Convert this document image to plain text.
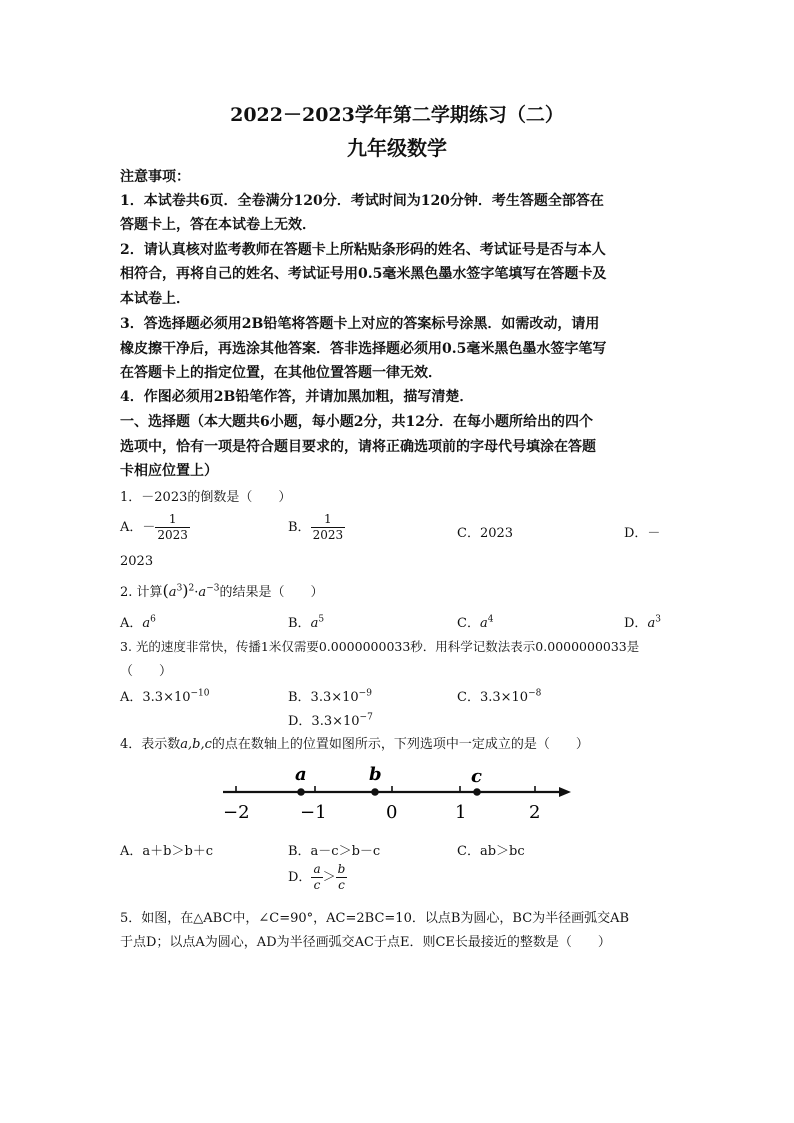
2022－2023学年第二学期练习（二）
九年级数学
注意事项：
1．本试卷共6页．全卷满分120分．考试时间为120分钟．考生答题全部答在
答题卡上，答在本试卷上无效．
2．请认真核对监考教师在答题卡上所粘贴条形码的姓名、考试证号是否与本人
相符合，再将自己的姓名、考试证号用0.5毫米黑色墨水签字笔填写在答题卡及
本试卷上．
3．答选择题必须用2B铅笔将答题卡上对应的答案标号涂黑．如需改动，请用
橡皮擦干净后，再选涂其他答案．答非选择题必须用0.5毫米黑色墨水签字笔写
在答题卡上的指定位置，在其他位置答题一律无效．
4．作图必须用2B铅笔作答，并请加黑加粗，描写清楚．
一、选择题（本大题共6小题，每小题2分，共12分．在每小题所给出的四个
选项中，恰有一项是符合题目要求的，请将正确选项前的字母代号填涂在答题
卡相应位置上）
1．－2023的倒数是（　　）
A．－ $\frac{1}{2023}$	B． $\frac{1}{2023}$	C．2023	D．－
2023
2. 计算$(a^3)^2\cdot a^{-3}$的结果是（　　）
A．$a^6$	B．$a^5$	C．$a^4$	D．$a^3$
3. 光的速度非常快，传播1米仅需要0.0000000033秒．用科学记数法表示0.0000000033是
（　　）
A．$3.3\times 10^{-10}$	B．$3.3\times 10^{-9}$	C．$3.3\times 10^{-8}$
D．$3.3\times 10^{-7}$
4．表示数a,b,c的点在数轴上的位置如图所示，下列选项中一定成立的是（　　）
a	b	c
−2	−1	0	1	2
A．a＋b＞b＋c	B．a－c＞b－c	C．ab＞bc
D． $\frac{a}{c} > \frac{b}{c}$
5．如图，在△ABC中，∠C=90°，AC=2BC=10．以点B为圆心，BC为半径画弧交AB
于点D；以点A为圆心，AD为半径画弧交AC于点E．则CE长最接近的整数是（　　）
